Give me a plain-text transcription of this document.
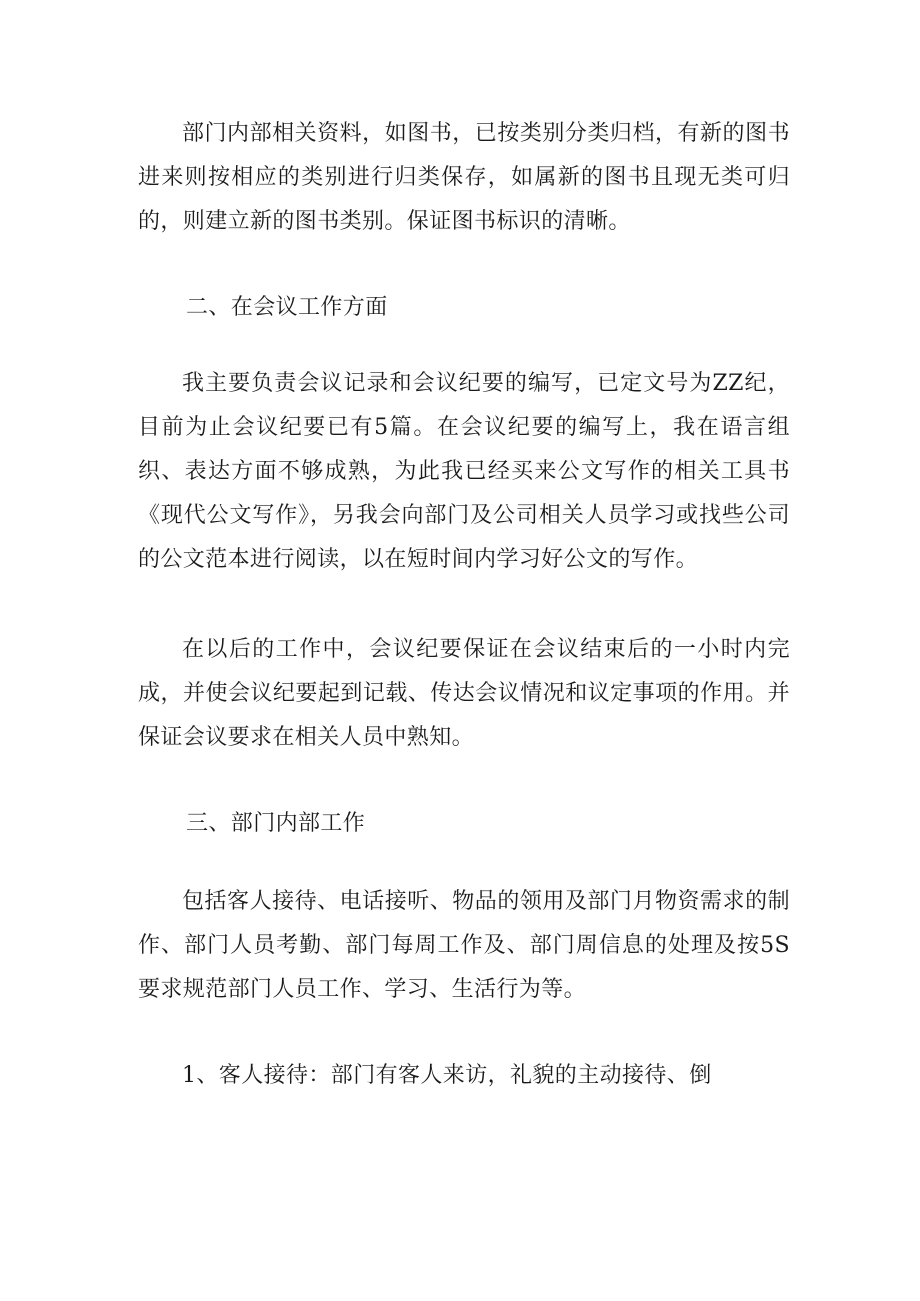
部门内部相关资料，如图书，已按类别分类归档，有新的图书进来则按相应的类别进行归类保存，如属新的图书且现无类可归的，则建立新的图书类别。保证图书标识的清晰。

二、在会议工作方面

我主要负责会议记录和会议纪要的编写，已定文号为ZZ纪，目前为止会议纪要已有5篇。在会议纪要的编写上，我在语言组织、表达方面不够成熟，为此我已经买来公文写作的相关工具书《现代公文写作》，另我会向部门及公司相关人员学习或找些公司的公文范本进行阅读，以在短时间内学习好公文的写作。

在以后的工作中，会议纪要保证在会议结束后的一小时内完成，并使会议纪要起到记载、传达会议情况和议定事项的作用。并保证会议要求在相关人员中熟知。

三、部门内部工作

包括客人接待、电话接听、物品的领用及部门月物资需求的制作、部门人员考勤、部门每周工作及、部门周信息的处理及按5S要求规范部门人员工作、学习、生活行为等。

1、客人接待：部门有客人来访，礼貌的主动接待、倒
